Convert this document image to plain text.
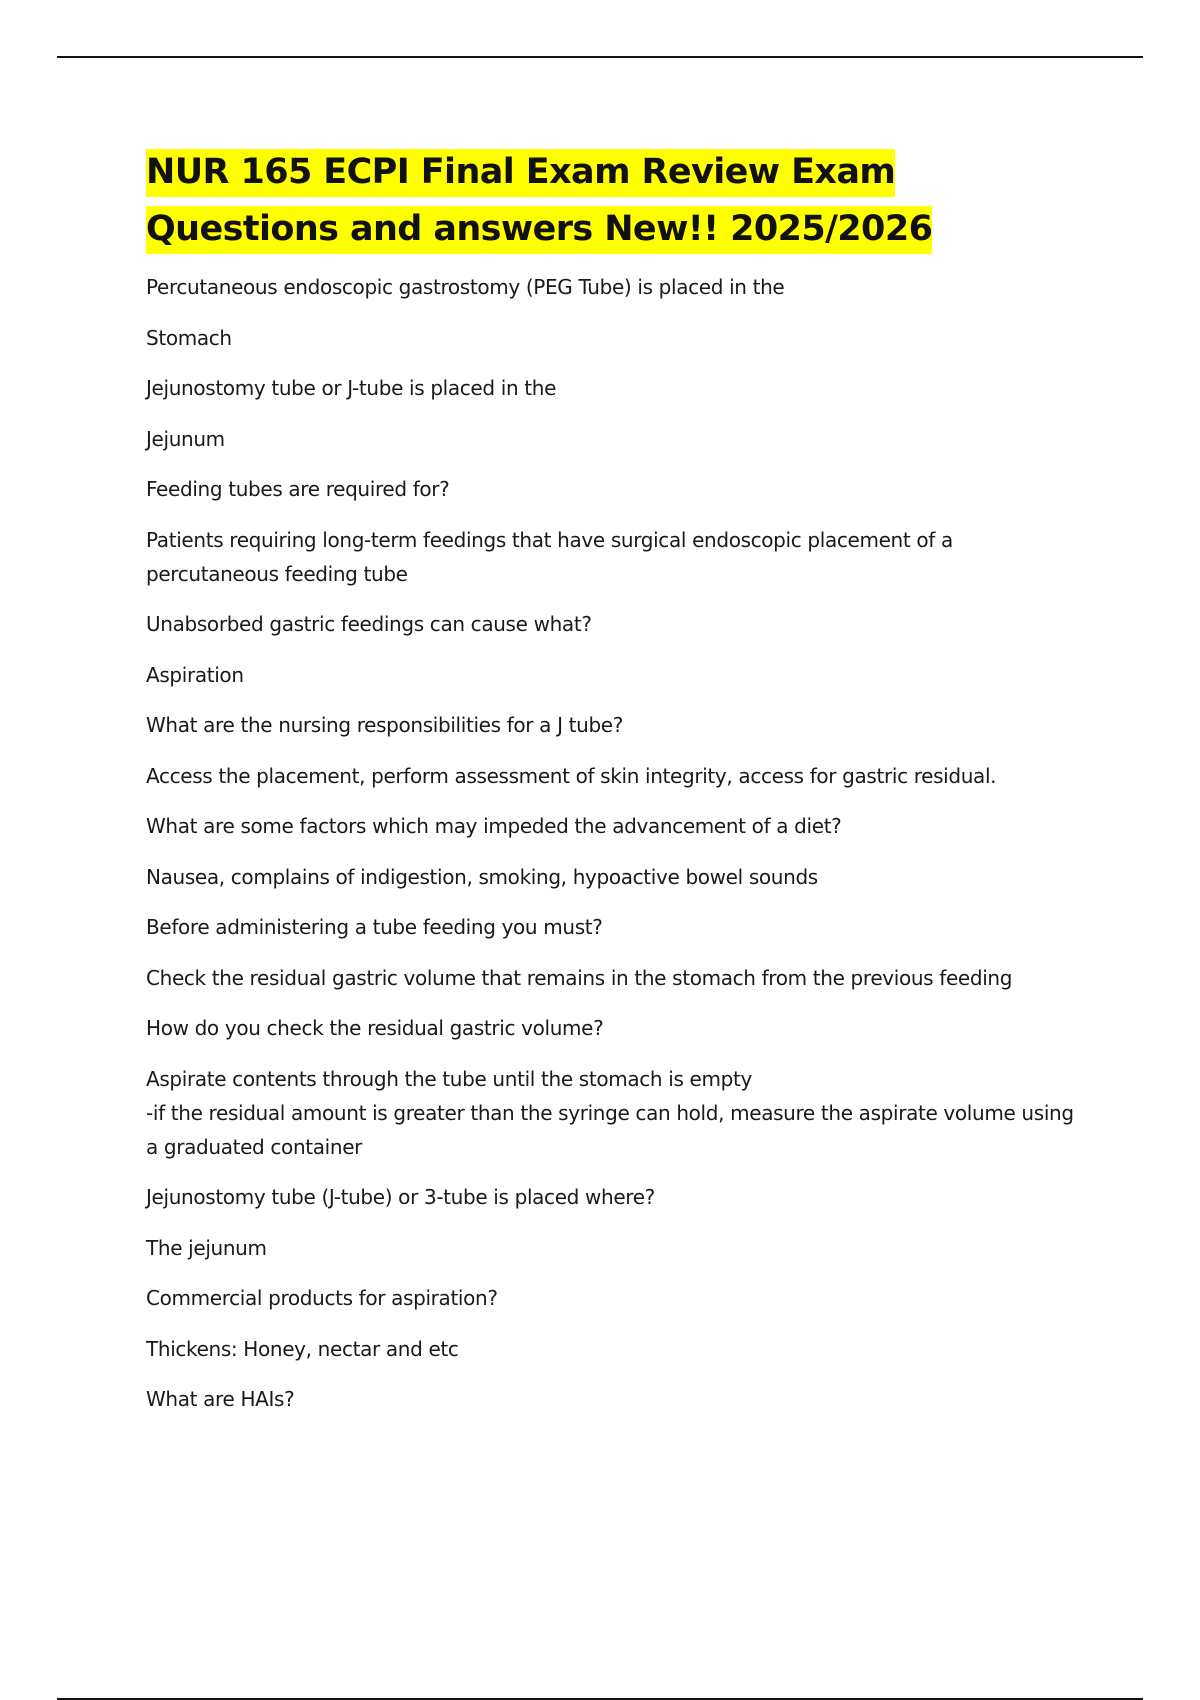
NUR 165 ECPI Final Exam Review Exam Questions and answers New!! 2025/2026

Percutaneous endoscopic gastrostomy (PEG Tube) is placed in the

Stomach

Jejunostomy tube or J-tube is placed in the

Jejunum

Feeding tubes are required for?

Patients requiring long-term feedings that have surgical endoscopic placement of a percutaneous feeding tube

Unabsorbed gastric feedings can cause what?

Aspiration

What are the nursing responsibilities for a J tube?

Access the placement, perform assessment of skin integrity, access for gastric residual.

What are some factors which may impeded the advancement of a diet?

Nausea, complains of indigestion, smoking, hypoactive bowel sounds

Before administering a tube feeding you must?

Check the residual gastric volume that remains in the stomach from the previous feeding

How do you check the residual gastric volume?

Aspirate contents through the tube until the stomach is empty
-if the residual amount is greater than the syringe can hold, measure the aspirate volume using a graduated container

Jejunostomy tube (J-tube) or 3-tube is placed where?

The jejunum

Commercial products for aspiration?

Thickens: Honey, nectar and etc

What are HAIs?
